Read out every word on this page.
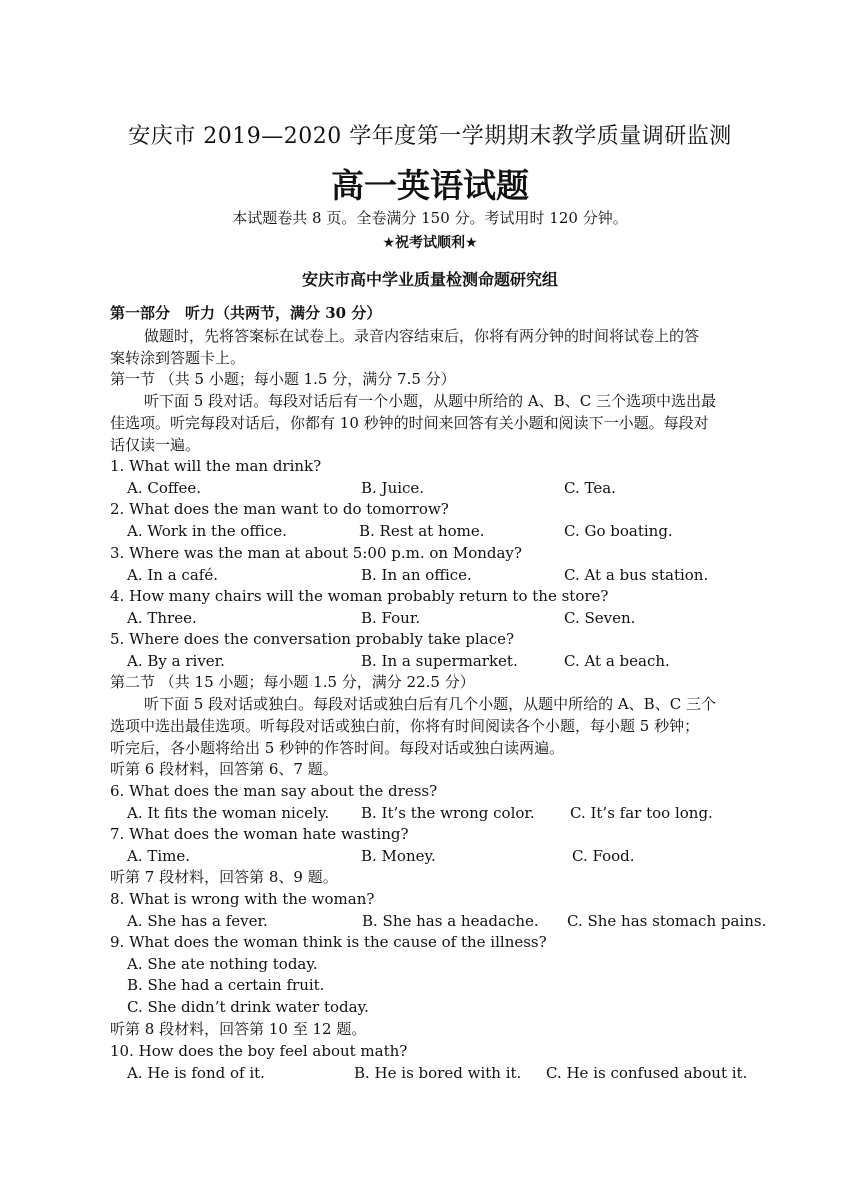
安庆市 2019—2020 学年度第一学期期末教学质量调研监测
高一英语试题
本试题卷共 8 页。全卷满分 150 分。考试用时 120 分钟。
★祝考试顺利★
安庆市高中学业质量检测命题研究组
第一部分　听力（共两节，满分 30 分）
做题时，先将答案标在试卷上。录音内容结束后，你将有两分钟的时间将试卷上的答
案转涂到答题卡上。
第一节 （共 5 小题；每小题 1.5 分，满分 7.5 分）
听下面 5 段对话。每段对话后有一个小题，从题中所给的 A、B、C 三个选项中选出最
佳选项。听完每段对话后，你都有 10 秒钟的时间来回答有关小题和阅读下一小题。每段对
话仅读一遍。
1. What will the man drink?
A. Coffee.	B. Juice.	C. Tea.
2. What does the man want to do tomorrow?
A. Work in the office.	B. Rest at home.	C. Go boating.
3. Where was the man at about 5:00 p.m. on Monday?
A. In a café.	B. In an office.	C. At a bus station.
4. How many chairs will the woman probably return to the store?
A. Three.	B. Four.	C. Seven.
5. Where does the conversation probably take place?
A. By a river.	B. In a supermarket.	C. At a beach.
第二节 （共 15 小题；每小题 1.5 分，满分 22.5 分）
听下面 5 段对话或独白。每段对话或独白后有几个小题，从题中所给的 A、B、C 三个
选项中选出最佳选项。听每段对话或独白前，你将有时间阅读各个小题，每小题 5 秒钟；
听完后，各小题将给出 5 秒钟的作答时间。每段对话或独白读两遍。
听第 6 段材料，回答第 6、7 题。
6. What does the man say about the dress?
A. It fits the woman nicely. B. It’s the wrong color. C. It’s far too long.
7. What does the woman hate wasting?
A. Time.	B. Money.	C. Food.
听第 7 段材料，回答第 8、9 题。
8. What is wrong with the woman?
A. She has a fever.	B. She has a headache. C. She has stomach pains.
9. What does the woman think is the cause of the illness?
A. She ate nothing today.
B. She had a certain fruit.
C. She didn’t drink water today.
听第 8 段材料，回答第 10 至 12 题。
10. How does the boy feel about math?
A. He is fond of it.	B. He is bored with it. C. He is confused about it.
